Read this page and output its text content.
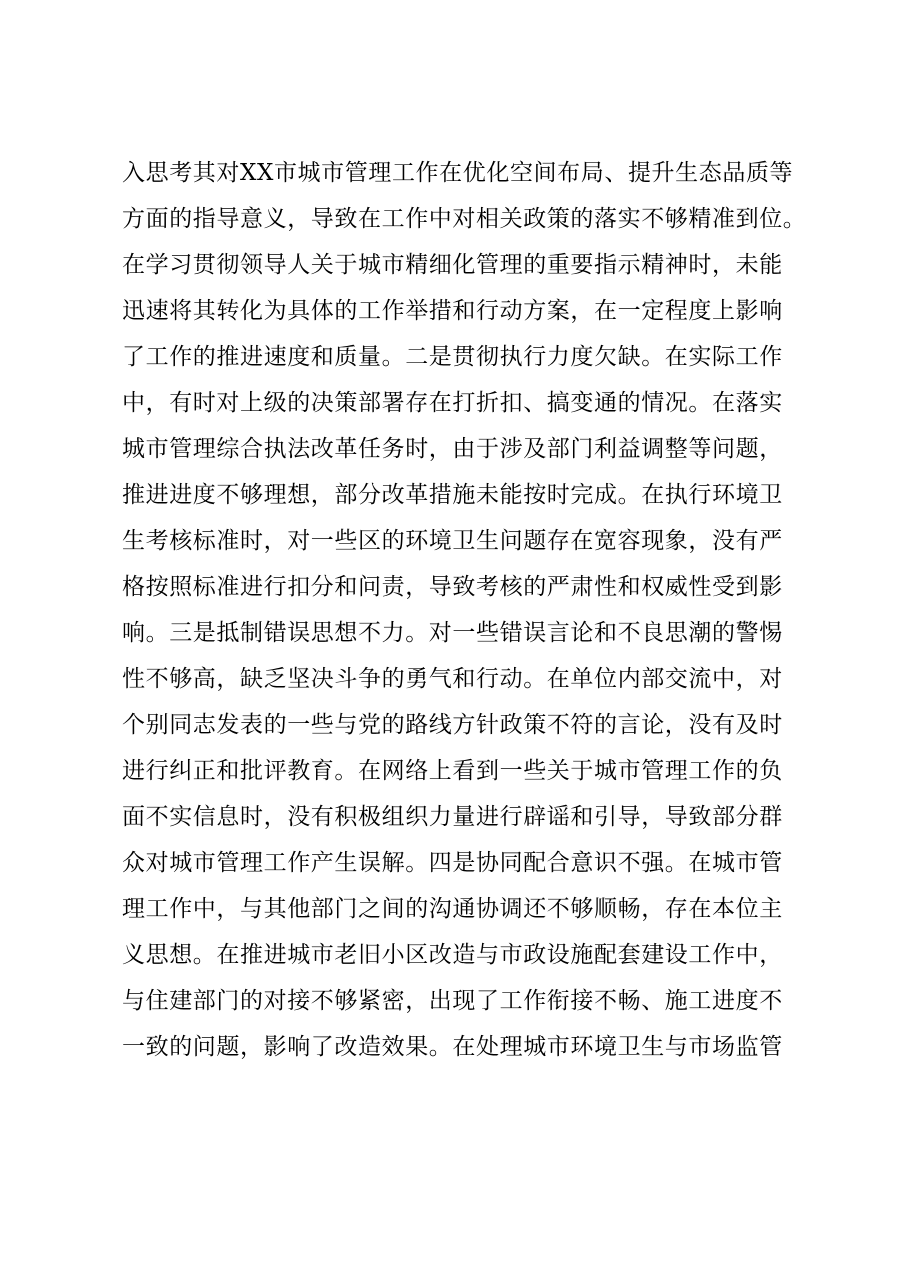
入思考其对XX市城市管理工作在优化空间布局、提升生态品质等
方面的指导意义，导致在工作中对相关政策的落实不够精准到位。
在学习贯彻领导人关于城市精细化管理的重要指示精神时，未能
迅速将其转化为具体的工作举措和行动方案，在一定程度上影响
了工作的推进速度和质量。二是贯彻执行力度欠缺。在实际工作
中，有时对上级的决策部署存在打折扣、搞变通的情况。在落实
城市管理综合执法改革任务时，由于涉及部门利益调整等问题，
推进进度不够理想，部分改革措施未能按时完成。在执行环境卫
生考核标准时，对一些区的环境卫生问题存在宽容现象，没有严
格按照标准进行扣分和问责，导致考核的严肃性和权威性受到影
响。三是抵制错误思想不力。对一些错误言论和不良思潮的警惕
性不够高，缺乏坚决斗争的勇气和行动。在单位内部交流中，对
个别同志发表的一些与党的路线方针政策不符的言论，没有及时
进行纠正和批评教育。在网络上看到一些关于城市管理工作的负
面不实信息时，没有积极组织力量进行辟谣和引导，导致部分群
众对城市管理工作产生误解。四是协同配合意识不强。在城市管
理工作中，与其他部门之间的沟通协调还不够顺畅，存在本位主
义思想。在推进城市老旧小区改造与市政设施配套建设工作中，
与住建部门的对接不够紧密，出现了工作衔接不畅、施工进度不
一致的问题，影响了改造效果。在处理城市环境卫生与市场监管
